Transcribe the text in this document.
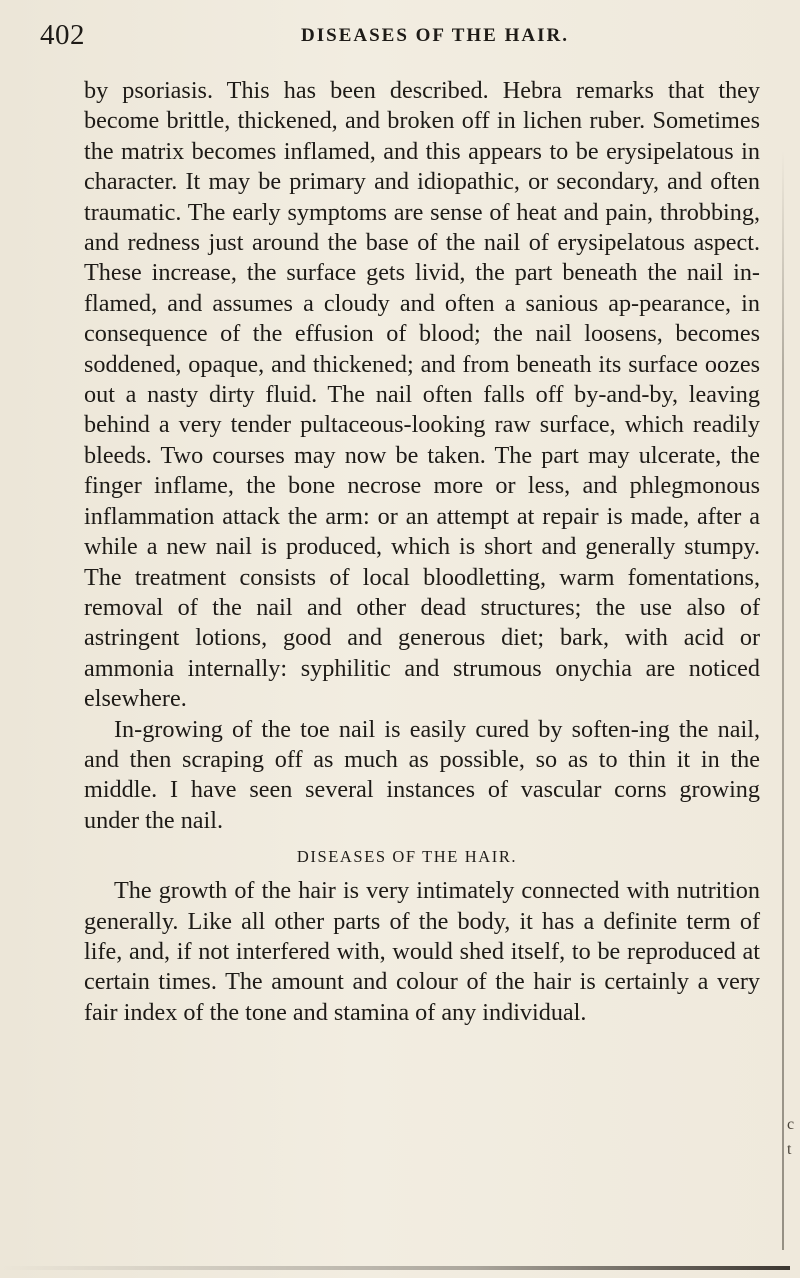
402	DISEASES OF THE HAIR.

by psoriasis. This has been described. Hebra remarks that they become brittle, thickened, and broken off in lichen ruber. Sometimes the matrix becomes inflamed, and this appears to be erysipelatous in character. It may be primary and idiopathic, or secondary, and often traumatic. The early symptoms are sense of heat and pain, throbbing, and redness just around the base of the nail of erysipelatous aspect. These increase, the surface gets livid, the part beneath the nail in-flamed, and assumes a cloudy and often a sanious ap-pearance, in consequence of the effusion of blood; the nail loosens, becomes soddened, opaque, and thickened; and from beneath its surface oozes out a nasty dirty fluid. The nail often falls off by-and-by, leaving behind a very tender pultaceous-looking raw surface, which readily bleeds. Two courses may now be taken. The part may ulcerate, the finger inflame, the bone necrose more or less, and phlegmonous inflammation attack the arm: or an attempt at repair is made, after a while a new nail is produced, which is short and generally stumpy. The treatment consists of local bloodletting, warm fomentations, removal of the nail and other dead structures; the use also of astringent lotions, good and generous diet; bark, with acid or ammonia internally: syphilitic and strumous onychia are noticed elsewhere.

In-growing of the toe nail is easily cured by soften-ing the nail, and then scraping off as much as possible, so as to thin it in the middle. I have seen several instances of vascular corns growing under the nail.

DISEASES OF THE HAIR.

The growth of the hair is very intimately connected with nutrition generally. Like all other parts of the body, it has a definite term of life, and, if not interfered with, would shed itself, to be reproduced at certain times. The amount and colour of the hair is certainly a very fair index of the tone and stamina of any individual.

c
t
